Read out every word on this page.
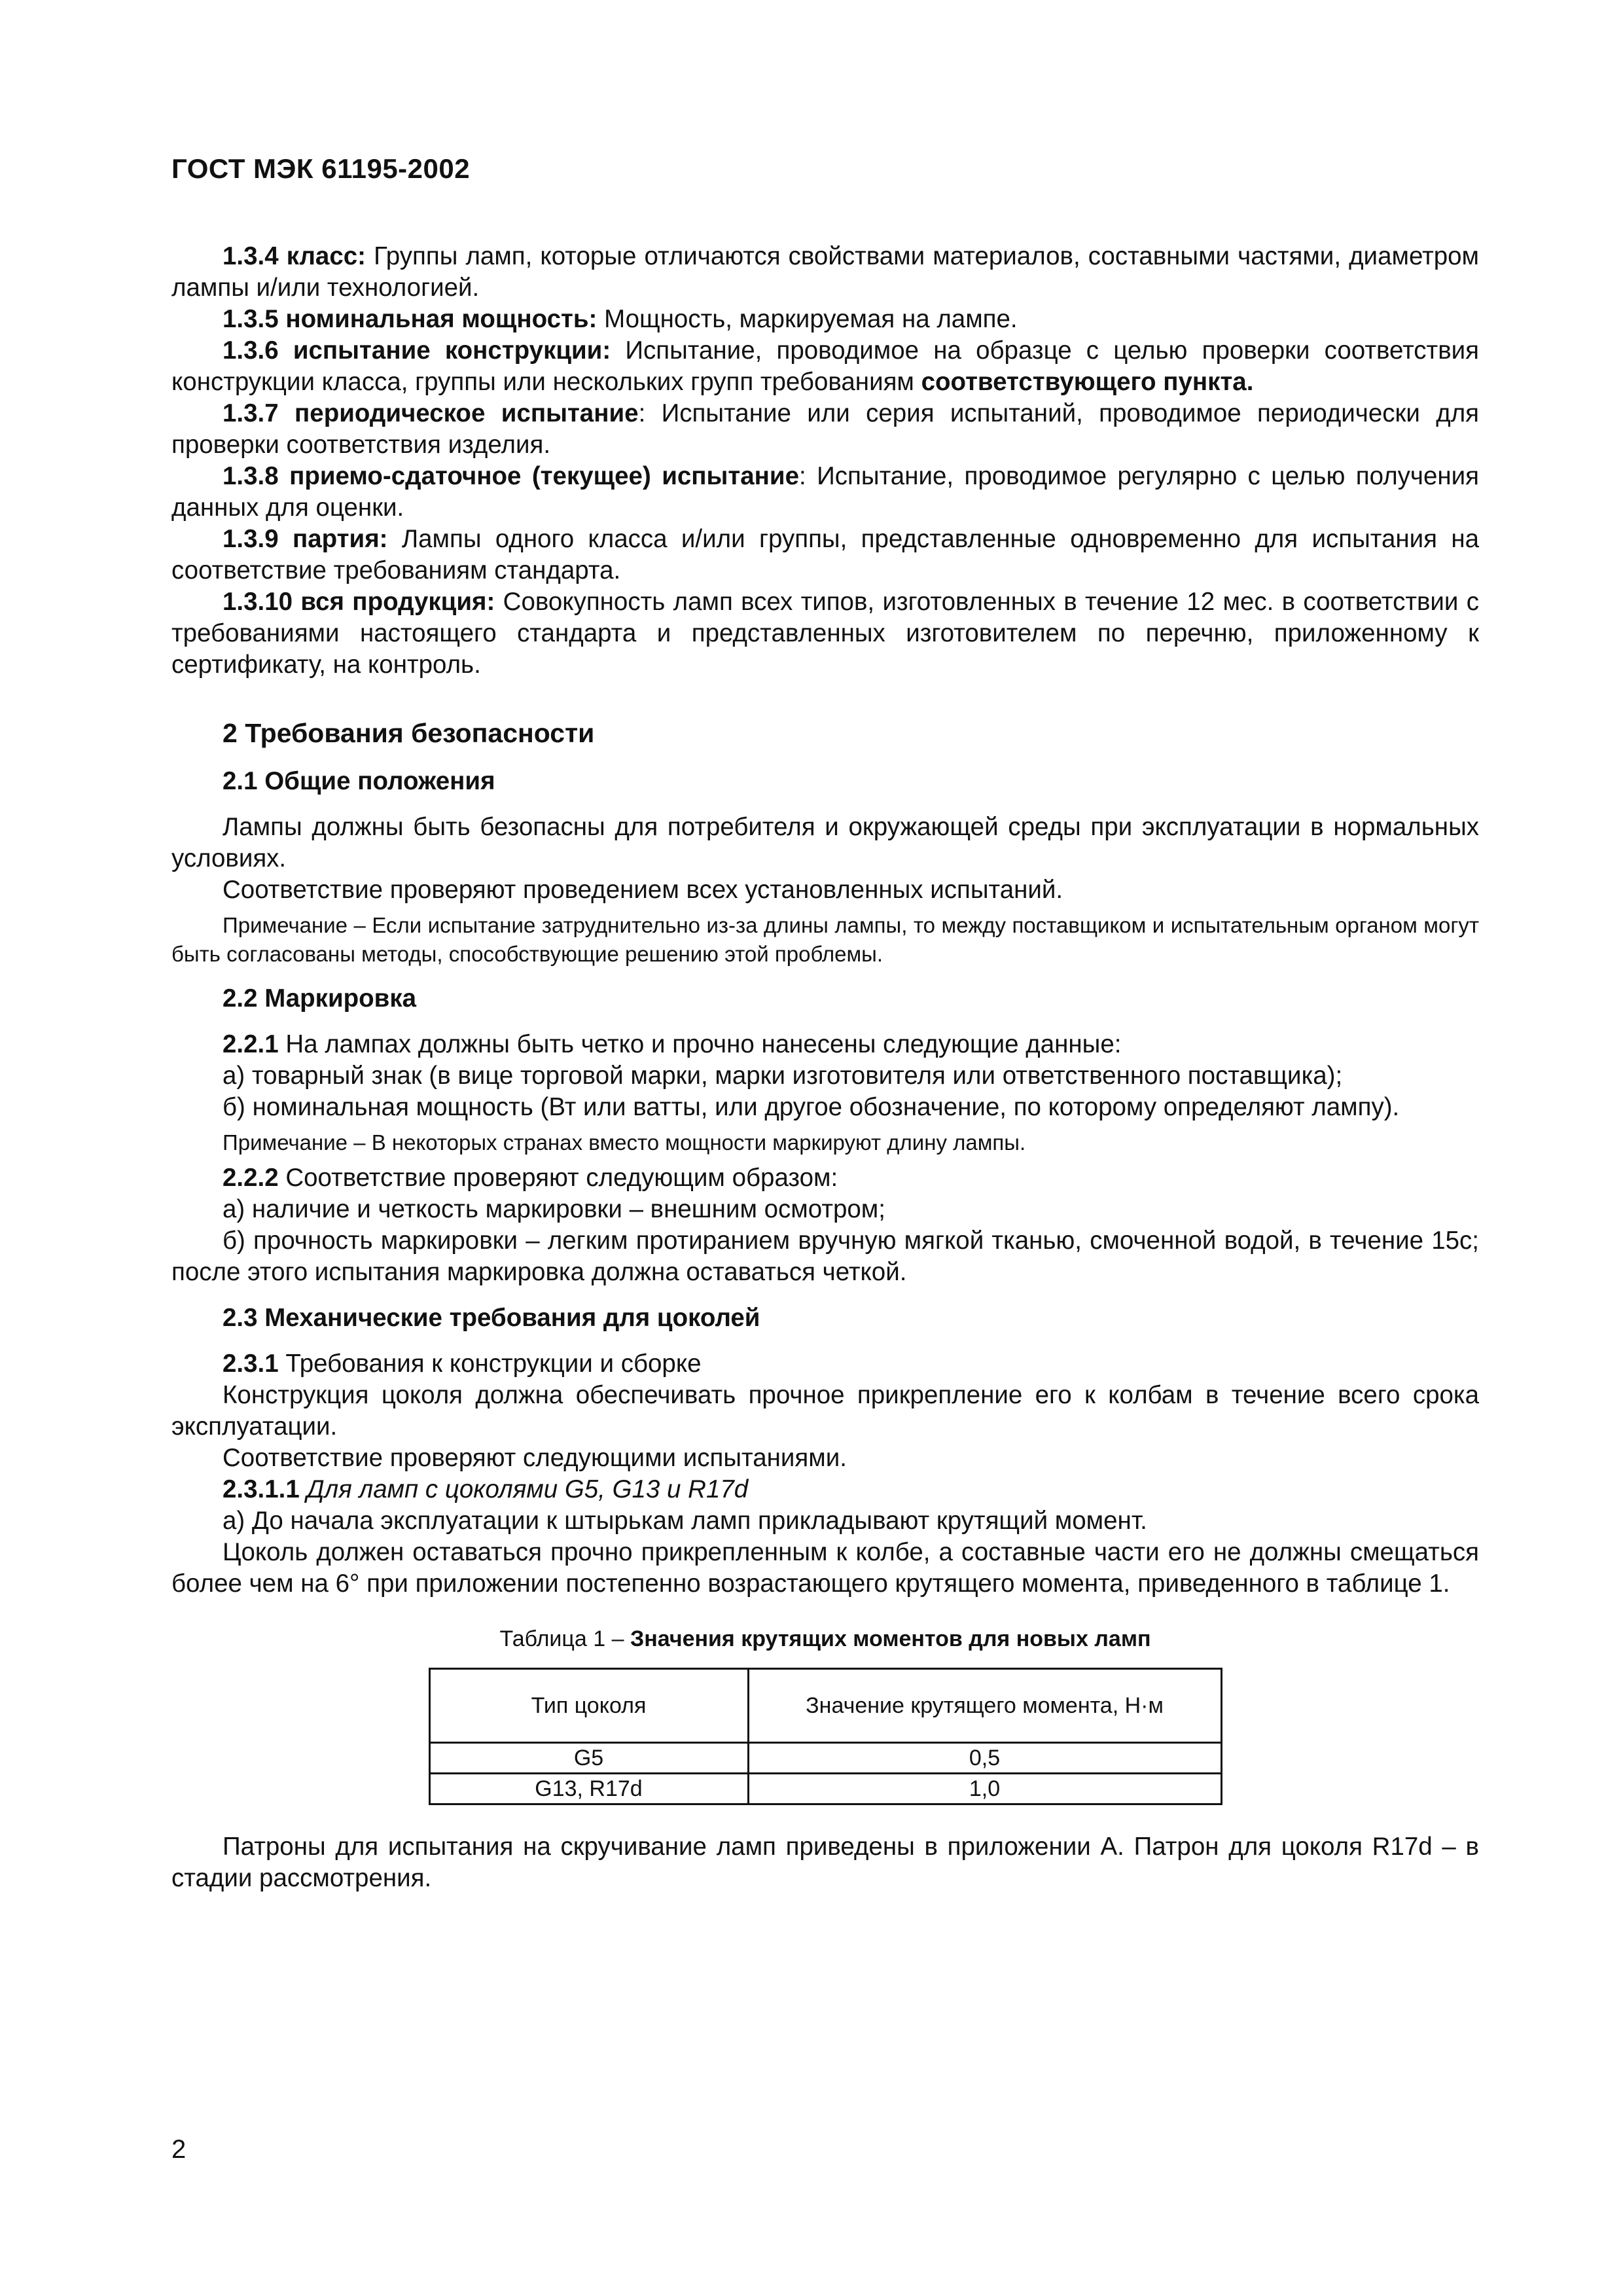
ГОСТ МЭК 61195-2002

1.3.4 класс: Группы ламп, которые отличаются свойствами материалов, составными частями, диаметром лампы и/или технологией.

1.3.5 номинальная мощность: Мощность, маркируемая на лампе.

1.3.6 испытание конструкции: Испытание, проводимое на образце с целью проверки соответствия конструкции класса, группы или нескольких групп требованиям соответствующего пункта.

1.3.7 периодическое испытание: Испытание или серия испытаний, проводимое периодически для проверки соответствия изделия.

1.3.8 приемо-сдаточное (текущее) испытание: Испытание, проводимое регулярно с целью получения данных для оценки.

1.3.9 партия: Лампы одного класса и/или группы, представленные одновременно для испытания на соответствие требованиям стандарта.

1.3.10 вся продукция: Совокупность ламп всех типов, изготовленных в течение 12 мес. в соответствии с требованиями настоящего стандарта и представленных изготовителем по перечню, приложенному к сертификату, на контроль.

2 Требования безопасности
2.1 Общие положения

Лампы должны быть безопасны для потребителя и окружающей среды при эксплуатации в нормальных условиях.

Соответствие проверяют проведением всех установленных испытаний.

Примечание – Если испытание затруднительно из-за длины лампы, то между поставщиком и испытательным органом могут быть согласованы методы, способствующие решению этой проблемы.

2.2 Маркировка

2.2.1 На лампах должны быть четко и прочно нанесены следующие данные:

а) товарный знак (в вице торговой марки, марки изготовителя или ответственного поставщика);

б) номинальная мощность (Вт или ватты, или другое обозначение, по которому определяют лампу).

Примечание – В некоторых странах вместо мощности маркируют длину лампы.

2.2.2 Соответствие проверяют следующим образом:

а) наличие и четкость маркировки – внешним осмотром;

б) прочность маркировки – легким протиранием вручную мягкой тканью, смоченной водой, в течение 15с; после этого испытания маркировка должна оставаться четкой.

2.3 Механические требования для цоколей

2.3.1 Требования к конструкции и сборке

Конструкция цоколя должна обеспечивать прочное прикрепление его к колбам в течение всего срока эксплуатации.

Соответствие проверяют следующими испытаниями.

2.3.1.1 Для ламп с цоколями G5, G13 и R17d

а) До начала эксплуатации к штырькам ламп прикладывают крутящий момент.

Цоколь должен оставаться прочно прикрепленным к колбе, а составные части его не должны смещаться более чем на 6° при приложении постепенно возрастающего крутящего момента, приведенного в таблице 1.

Таблица 1 – Значения крутящих моментов для новых ламп
Тип цоколя	Значение крутящего момента, Н·м
G5	0,5
G13, R17d	1,0

Патроны для испытания на скручивание ламп приведены в приложении А. Патрон для цоколя R17d – в стадии рассмотрения.

2
